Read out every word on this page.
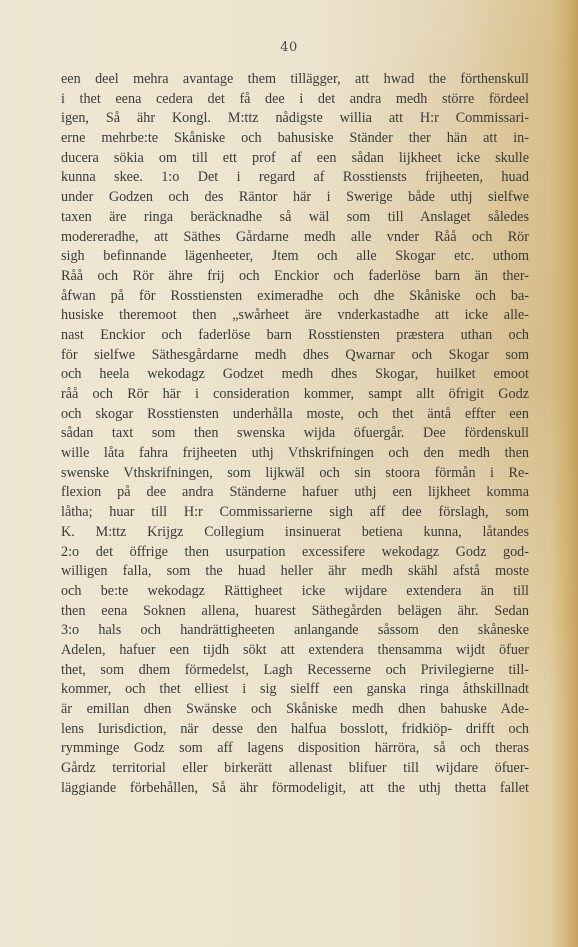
40
een deel mehra avantage them tillägger, att hwad the förthenskull
i thet eena cedera det få dee i det andra medh större fördeel
igen, Så ähr Kongl. M:ttz nådigste willia att H:r Commissari-
erne mehrbe:te Skåniske och bahusiske Ständer ther hän att in-
ducera sökia om till ett prof af een sådan lijkheet icke skulle
kunna skee. 1:o Det i regard af Rosstiensts frijheeten, huad
under Godzen och des Räntor här i Swerige både uthj sielfwe
taxen äre ringa beräcknadhe så wäl som till Anslaget således
modereradhe, att Säthes Gårdarne medh alle vnder Råå och Rör
sigh befinnande lägenheeter, Jtem och alle Skogar etc. uthom
Råå och Rör ähre frij och Enckior och faderlöse barn än ther-
åfwan på för Rosstiensten eximeradhe och dhe Skåniske och ba-
husiske theremoot then „swårheet äre vnderkastadhe att icke alle-
nast Enckior och faderlöse barn Rosstiensten præstera uthan och
för sielfwe Säthesgårdarne medh dhes Qwarnar och Skogar som
och heela wekodagz Godzet medh dhes Skogar, huilket emoot
råå och Rör här i consideration kommer, sampt allt öfrigit Godz
och skogar Rosstiensten underhålla moste, och thet äntå effter een
sådan taxt som then swenska wijda öfuergår. Dee fördenskull
wille låta fahra frijheeten uthj Vthskrifningen och den medh then
swenske Vthskrifningen, som lijkwäl och sin stoora förmån i Re-
flexion på dee andra Ständerne hafuer uthj een lijkheet komma
låtha; huar till H:r Commissarierne sigh aff dee förslagh, som
K. M:ttz Krijgz Collegium insinuerat betiena kunna, låtandes
2:o det öffrige then usurpation excessifere wekodagz Godz god-
willigen falla, som the huad heller ähr medh skähl afstå moste
och be:te wekodagz Rättigheet icke wijdare extendera än till
then eena Soknen allena, huarest Säthegården belägen ähr. Sedan
3:o hals och handrättigheeten anlangande såssom den skåneske
Adelen, hafuer een tijdh sökt att extendera thensamma wijdt öfuer
thet, som dhem förmedelst, Lagh Recesserne och Privilegierne till-
kommer, och thet elliest i sig sielff een ganska ringa åthskillnadt
är emillan dhen Swänske och Skåniske medh dhen bahuske Ade-
lens Iurisdiction, när desse den halfua bosslott, fridkiöp- drifft och
rymminge Godz som aff lagens disposition härröra, så och theras
Gårdz territorial eller birkerätt allenast blifuer till wijdare öfuer-
läggiande förbehållen, Så ähr förmodeligit, att the uthj thetta fallet
